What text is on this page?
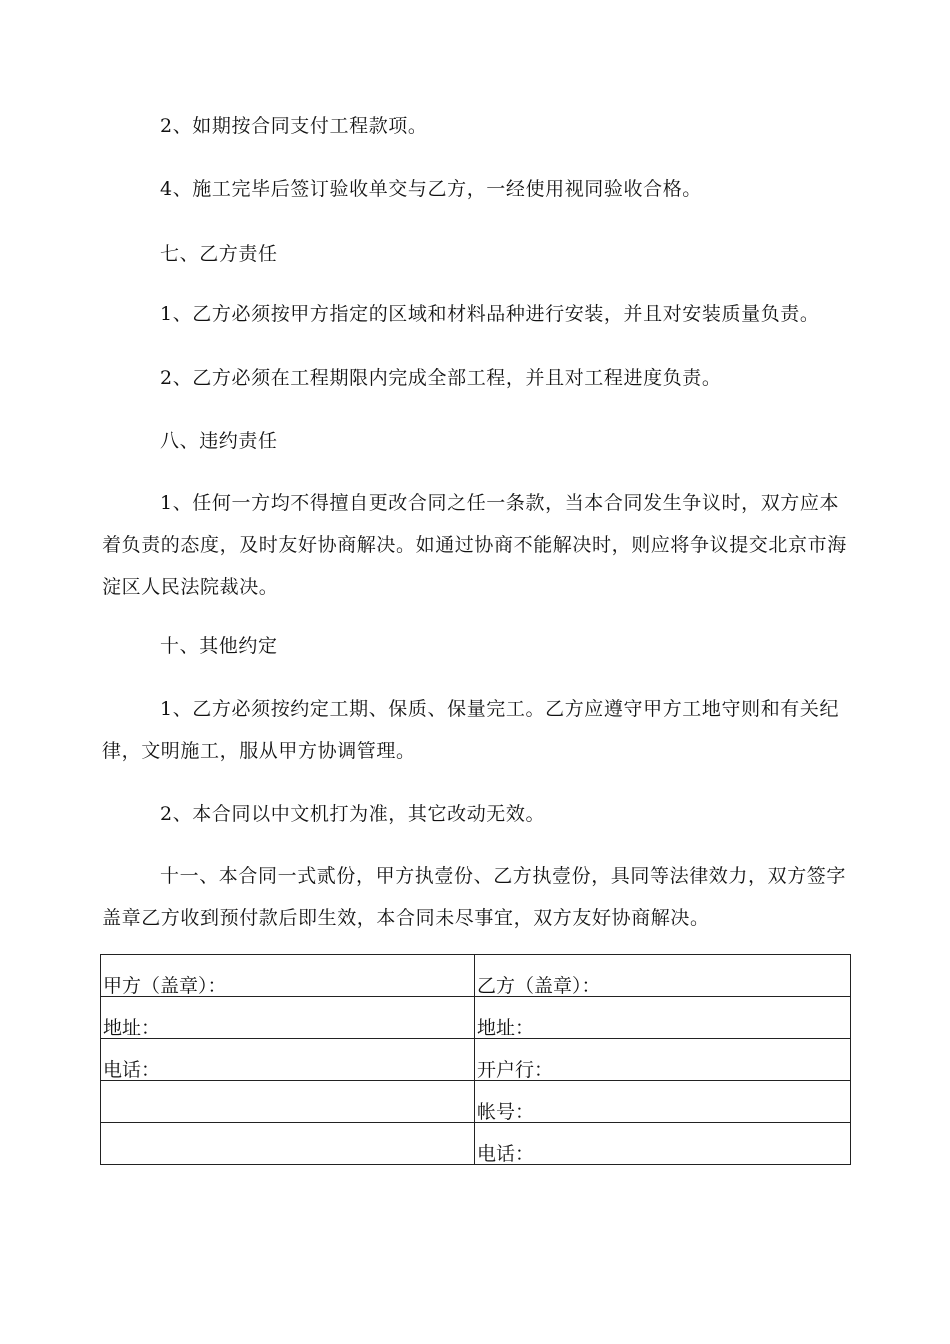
2、如期按合同支付工程款项。

4、施工完毕后签订验收单交与乙方，一经使用视同验收合格。

七、乙方责任

1、乙方必须按甲方指定的区域和材料品种进行安装，并且对安装质量负责。

2、乙方必须在工程期限内完成全部工程，并且对工程进度负责。

八、违约责任

1、任何一方均不得擅自更改合同之任一条款，当本合同发生争议时，双方应本着负责的态度，及时友好协商解决。如通过协商不能解决时，则应将争议提交北京市海淀区人民法院裁决。

十、其他约定

1、乙方必须按约定工期、保质、保量完工。乙方应遵守甲方工地守则和有关纪律，文明施工，服从甲方协调管理。

2、本合同以中文机打为准，其它改动无效。

十一、本合同一式贰份，甲方执壹份、乙方执壹份，具同等法律效力，双方签字盖章乙方收到预付款后即生效，本合同未尽事宜，双方友好协商解决。

甲方（盖章）：	乙方（盖章）：
地址：	地址：
电话：	开户行：
	帐号：
	电话：
